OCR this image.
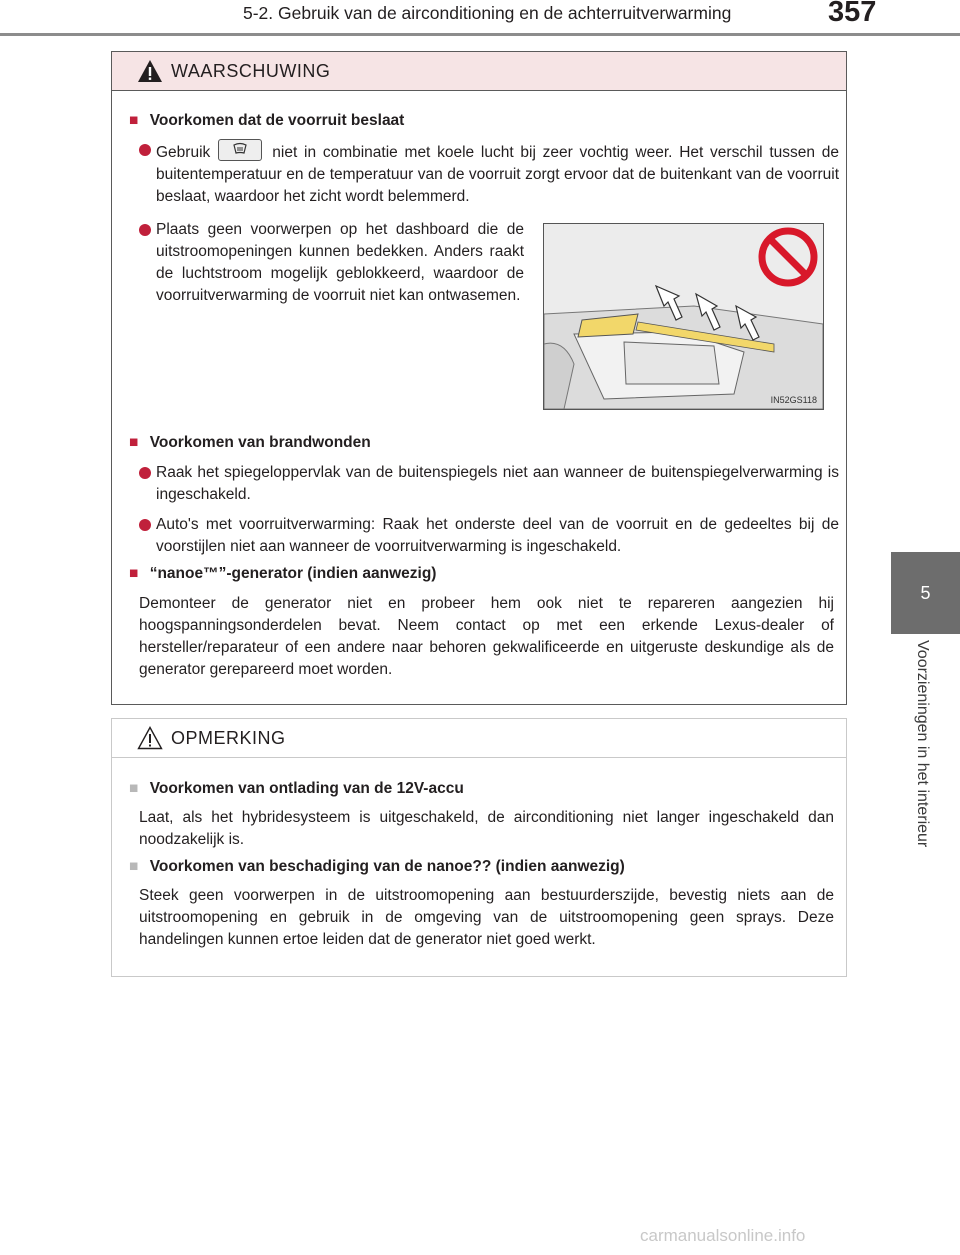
5-2. Gebruik van de airconditioning en de achterruitverwarming	357
5
Voorzieningen in het interieur
WAARSCHUWING
■ Voorkomen dat de voorruit beslaat
Gebruik	niet in combinatie met koele lucht bij zeer vochtig weer. Het verschil tussen de buitentemperatuur en de temperatuur van de voorruit zorgt ervoor dat de buitenkant van de voorruit beslaat, waardoor het zicht wordt belemmerd.
Plaats geen voorwerpen op het dashboard die de uitstroomopeningen kunnen bedekken. Anders raakt de luchtstroom mogelijk geblokkeerd, waardoor de voorruitverwarming de voorruit niet kan ontwasemen.
IN52GS118
■ Voorkomen van brandwonden
Raak het spiegeloppervlak van de buitenspiegels niet aan wanneer de buitenspiegelverwarming is ingeschakeld.
Auto's met voorruitverwarming: Raak het onderste deel van de voorruit en de gedeeltes bij de voorstijlen niet aan wanneer de voorruitverwarming is ingeschakeld.
■ “nanoe™”-generator (indien aanwezig)
Demonteer de generator niet en probeer hem ook niet te repareren aangezien hij hoogspanningsonderdelen bevat. Neem contact op met een erkende Lexus-dealer of hersteller/reparateur of een andere naar behoren gekwalificeerde en uitgeruste deskundige als de generator gerepareerd moet worden.
OPMERKING
■ Voorkomen van ontlading van de 12V-accu
Laat, als het hybridesysteem is uitgeschakeld, de airconditioning niet langer ingeschakeld dan noodzakelijk is.
■ Voorkomen van beschadiging van de nanoe?? (indien aanwezig)
Steek geen voorwerpen in de uitstroomopening aan bestuurderszijde, bevestig niets aan de uitstroomopening en gebruik in de omgeving van de uitstroomopening geen sprays. Deze handelingen kunnen ertoe leiden dat de generator niet goed werkt.
carmanualsonline.info
